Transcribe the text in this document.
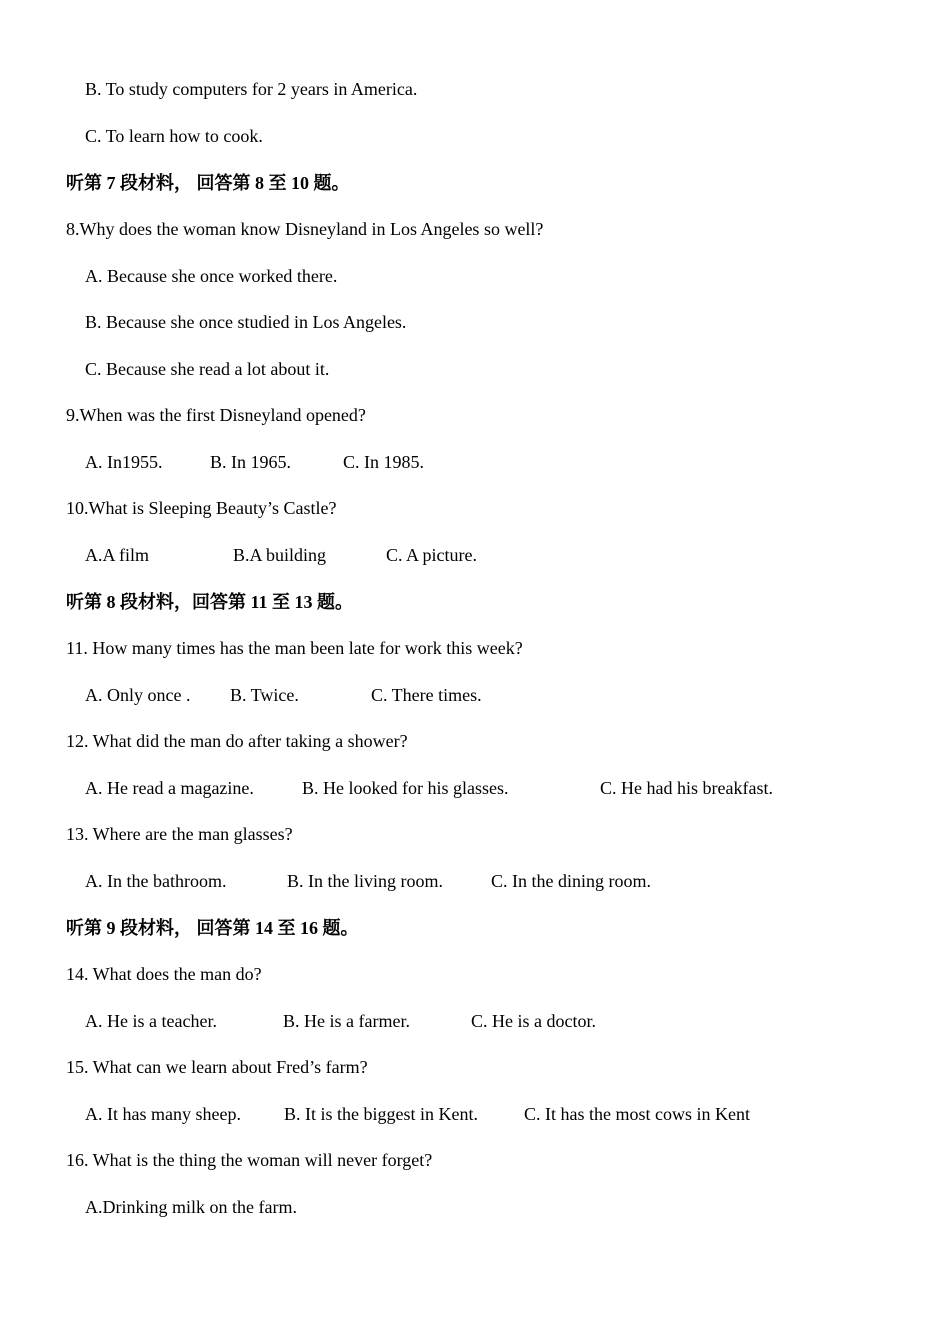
B. To study computers for 2 years in America.
C. To learn how to cook.
听第 7 段材料， 回答第 8 至 10 题。
8.Why does the woman know Disneyland in Los Angeles so well?
A. Because she once worked there.
B. Because she once studied in Los Angeles.
C. Because she read a lot about it.
9.When was the first Disneyland opened?
A. In1955.	B. In 1965.	C. In 1985.
10.What is Sleeping Beauty’s Castle?
A.A film	B.A building	C. A picture.
听第 8 段材料，回答第 11 至 13 题。
11. How many times has the man been late for work this week?
A. Only once . B. Twice.	C. There times.
12. What did the man do after taking a shower?
A. He read a magazine.	B. He looked for his glasses.	C. He had his breakfast.
13. Where are the man glasses?
A. In the bathroom.	B. In the living room.	C. In the dining room.
听第 9 段材料， 回答第 14 至 16 题。
14. What does the man do?
A. He is a teacher.	B. He is a farmer.	C. He is a doctor.
15. What can we learn about Fred’s farm?
A. It has many sheep. B. It is the biggest in Kent.	C. It has the most cows in Kent
16. What is the thing the woman will never forget?
A.Drinking milk on the farm.
